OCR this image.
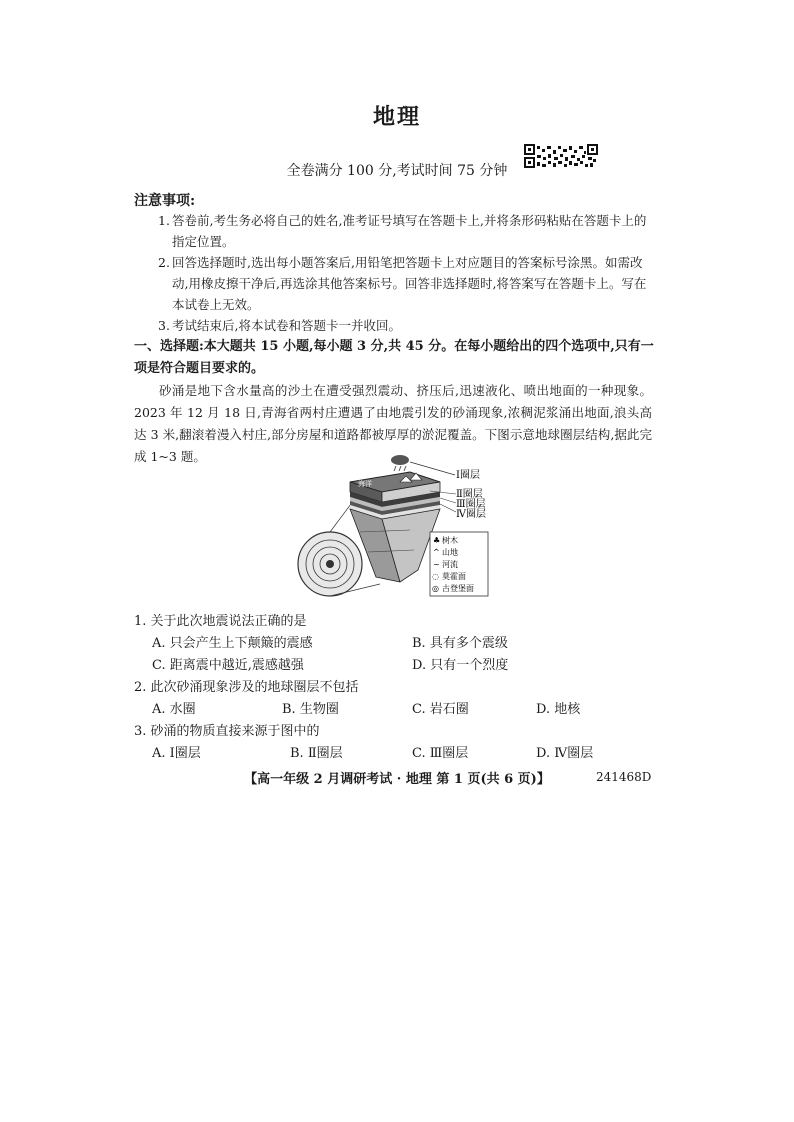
地理
全卷满分 100 分,考试时间 75 分钟
注意事项:
1. 答卷前,考生务必将自己的姓名,准考证号填写在答题卡上,并将条形码粘贴在答题卡上的指定位置。
2. 回答选择题时,选出每小题答案后,用铅笔把答题卡上对应题目的答案标号涂黑。如需改动,用橡皮擦干净后,再选涂其他答案标号。回答非选择题时,将答案写在答题卡上。写在本试卷上无效。
3. 考试结束后,将本试卷和答题卡一并收回。
一、选择题:本大题共 15 小题,每小题 3 分,共 45 分。在每小题给出的四个选项中,只有一项是符合题目要求的。
砂涌是地下含水量高的沙土在遭受强烈震动、挤压后,迅速液化、喷出地面的一种现象。2023 年 12 月 18 日,青海省两村庄遭遇了由地震引发的砂涌现象,浓稠泥浆涌出地面,浪头高达 3 米,翻滚着漫入村庄,部分房屋和道路都被厚厚的淤泥覆盖。下图示意地球圈层结构,据此完成 1~3 题。
海洋
Ⅰ圈层
Ⅱ圈层
Ⅲ圈层
Ⅳ圈层
♣ 树木
^ 山地
~ 河流
◌ 莫霍面
◎ 古登堡面
1. 关于此次地震说法正确的是
A. 只会产生上下颠簸的震感	B. 具有多个震级
C. 距离震中越近,震感越强	D. 只有一个烈度
2. 此次砂涌现象涉及的地球圈层不包括
A. 水圈	B. 生物圈	C. 岩石圈	D. 地核
3. 砂涌的物质直接来源于图中的
A. Ⅰ圈层	B. Ⅱ圈层	C. Ⅲ圈层	D. Ⅳ圈层
【高一年级 2 月调研考试 · 地理 第 1 页(共 6 页)】	241468D
